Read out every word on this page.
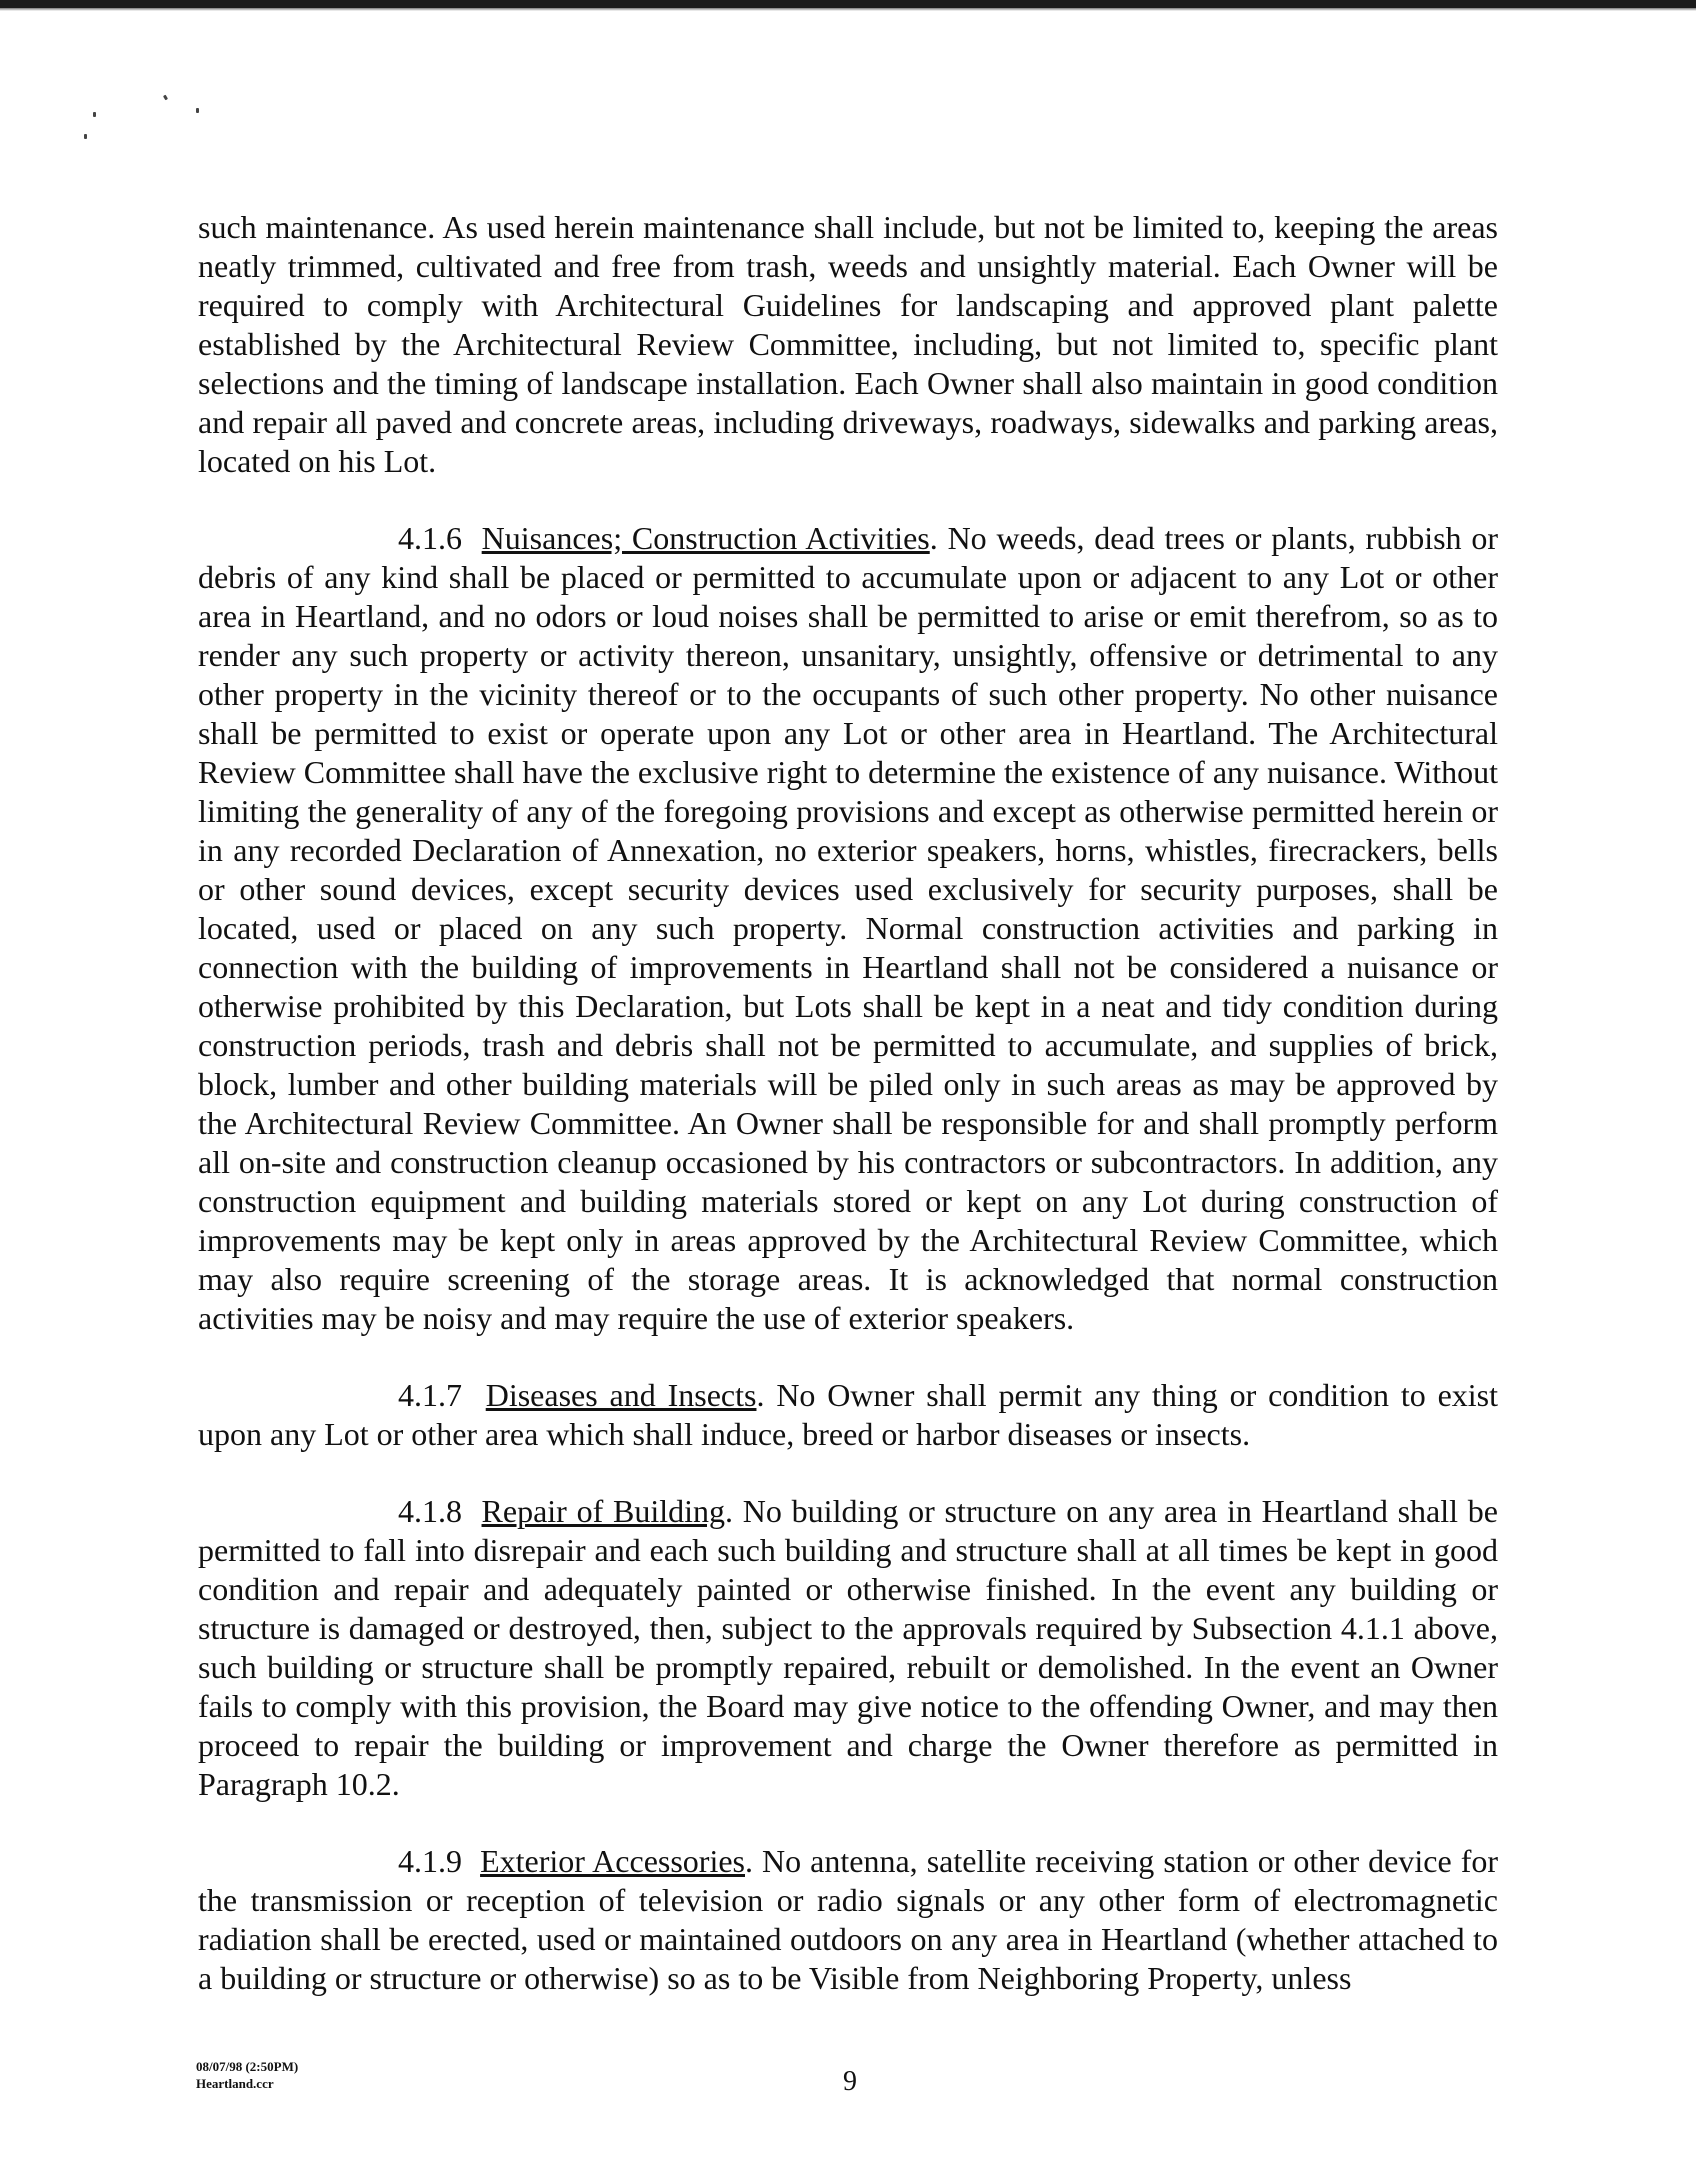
such maintenance. As used herein maintenance shall include, but not be limited to, keeping the areas neatly trimmed, cultivated and free from trash, weeds and unsightly material. Each Owner will be required to comply with Architectural Guidelines for landscaping and approved plant palette established by the Architectural Review Committee, including, but not limited to, specific plant selections and the timing of landscape installation. Each Owner shall also maintain in good condition and repair all paved and concrete areas, including driveways, roadways, sidewalks and parking areas, located on his Lot.

4.1.6 Nuisances; Construction Activities. No weeds, dead trees or plants, rubbish or debris of any kind shall be placed or permitted to accumulate upon or adjacent to any Lot or other area in Heartland, and no odors or loud noises shall be permitted to arise or emit therefrom, so as to render any such property or activity thereon, unsanitary, unsightly, offensive or detrimental to any other property in the vicinity thereof or to the occupants of such other property. No other nuisance shall be permitted to exist or operate upon any Lot or other area in Heartland. The Architectural Review Committee shall have the exclusive right to determine the existence of any nuisance. Without limiting the generality of any of the foregoing provisions and except as otherwise permitted herein or in any recorded Declaration of Annexation, no exterior speakers, horns, whistles, firecrackers, bells or other sound devices, except security devices used exclusively for security purposes, shall be located, used or placed on any such property. Normal construction activities and parking in connection with the building of improvements in Heartland shall not be considered a nuisance or otherwise prohibited by this Declaration, but Lots shall be kept in a neat and tidy condition during construction periods, trash and debris shall not be permitted to accumulate, and supplies of brick, block, lumber and other building materials will be piled only in such areas as may be approved by the Architectural Review Committee. An Owner shall be responsible for and shall promptly perform all on-site and construction cleanup occasioned by his contractors or subcontractors. In addition, any construction equipment and building materials stored or kept on any Lot during construction of improvements may be kept only in areas approved by the Architectural Review Committee, which may also require screening of the storage areas. It is acknowledged that normal construction activities may be noisy and may require the use of exterior speakers.

4.1.7 Diseases and Insects. No Owner shall permit any thing or condition to exist upon any Lot or other area which shall induce, breed or harbor diseases or insects.

4.1.8 Repair of Building. No building or structure on any area in Heartland shall be permitted to fall into disrepair and each such building and structure shall at all times be kept in good condition and repair and adequately painted or otherwise finished. In the event any building or structure is damaged or destroyed, then, subject to the approvals required by Subsection 4.1.1 above, such building or structure shall be promptly repaired, rebuilt or demolished. In the event an Owner fails to comply with this provision, the Board may give notice to the offending Owner, and may then proceed to repair the building or improvement and charge the Owner therefore as permitted in Paragraph 10.2.

4.1.9 Exterior Accessories. No antenna, satellite receiving station or other device for the transmission or reception of television or radio signals or any other form of electromagnetic radiation shall be erected, used or maintained outdoors on any area in Heartland (whether attached to a building or structure or otherwise) so as to be Visible from Neighboring Property, unless

08/07/98 (2:50PM)
Heartland.ccr	9
